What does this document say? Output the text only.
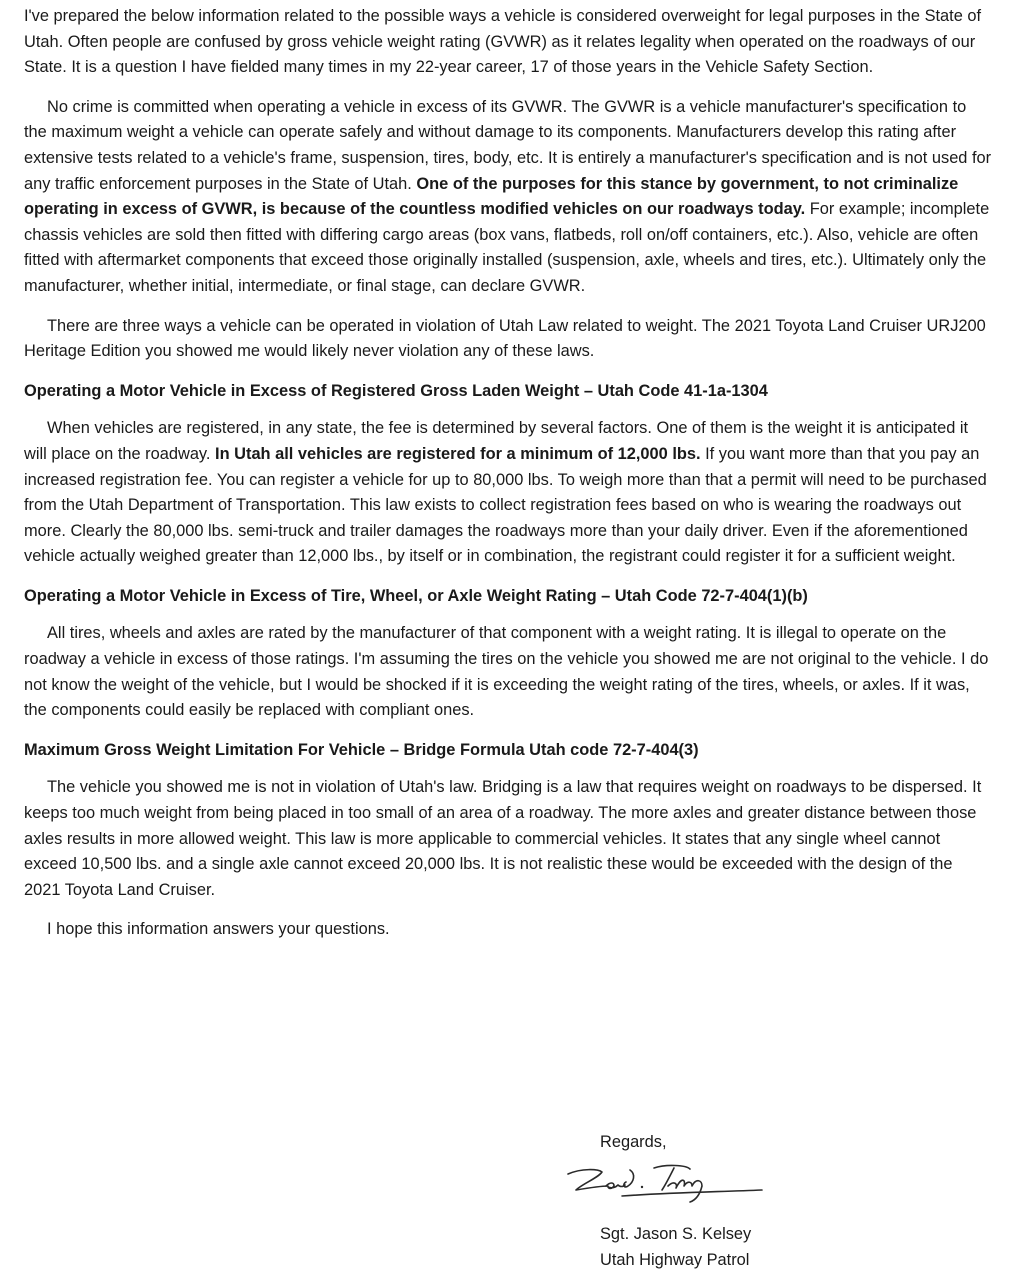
I've prepared the below information related to the possible ways a vehicle is considered overweight for legal purposes in the State of Utah. Often people are confused by gross vehicle weight rating (GVWR) as it relates legality when operated on the roadways of our State. It is a question I have fielded many times in my 22-year career, 17 of those years in the Vehicle Safety Section.

No crime is committed when operating a vehicle in excess of its GVWR. The GVWR is a vehicle manufacturer's specification to the maximum weight a vehicle can operate safely and without damage to its components. Manufacturers develop this rating after extensive tests related to a vehicle's frame, suspension, tires, body, etc. It is entirely a manufacturer's specification and is not used for any traffic enforcement purposes in the State of Utah. One of the purposes for this stance by government, to not criminalize operating in excess of GVWR, is because of the countless modified vehicles on our roadways today. For example; incomplete chassis vehicles are sold then fitted with differing cargo areas (box vans, flatbeds, roll on/off containers, etc.). Also, vehicle are often fitted with aftermarket components that exceed those originally installed (suspension, axle, wheels and tires, etc.). Ultimately only the manufacturer, whether initial, intermediate, or final stage, can declare GVWR.

There are three ways a vehicle can be operated in violation of Utah Law related to weight. The 2021 Toyota Land Cruiser URJ200 Heritage Edition you showed me would likely never violation any of these laws.

Operating a Motor Vehicle in Excess of Registered Gross Laden Weight – Utah Code 41-1a-1304

When vehicles are registered, in any state, the fee is determined by several factors. One of them is the weight it is anticipated it will place on the roadway. In Utah all vehicles are registered for a minimum of 12,000 lbs. If you want more than that you pay an increased registration fee. You can register a vehicle for up to 80,000 lbs. To weigh more than that a permit will need to be purchased from the Utah Department of Transportation. This law exists to collect registration fees based on who is wearing the roadways out more. Clearly the 80,000 lbs. semi-truck and trailer damages the roadways more than your daily driver. Even if the aforementioned vehicle actually weighed greater than 12,000 lbs., by itself or in combination, the registrant could register it for a sufficient weight.

Operating a Motor Vehicle in Excess of Tire, Wheel, or Axle Weight Rating – Utah Code 72-7-404(1)(b)

All tires, wheels and axles are rated by the manufacturer of that component with a weight rating. It is illegal to operate on the roadway a vehicle in excess of those ratings. I'm assuming the tires on the vehicle you showed me are not original to the vehicle. I do not know the weight of the vehicle, but I would be shocked if it is exceeding the weight rating of the tires, wheels, or axles. If it was, the components could easily be replaced with compliant ones.

Maximum Gross Weight Limitation For Vehicle – Bridge Formula Utah code 72-7-404(3)

The vehicle you showed me is not in violation of Utah's law. Bridging is a law that requires weight on roadways to be dispersed. It keeps too much weight from being placed in too small of an area of a roadway. The more axles and greater distance between those axles results in more allowed weight. This law is more applicable to commercial vehicles. It states that any single wheel cannot exceed 10,500 lbs. and a single axle cannot exceed 20,000 lbs. It is not realistic these would be exceeded with the design of the 2021 Toyota Land Cruiser.

I hope this information answers your questions.

Regards,
Sgt. Jason S. Kelsey
Utah Highway Patrol
